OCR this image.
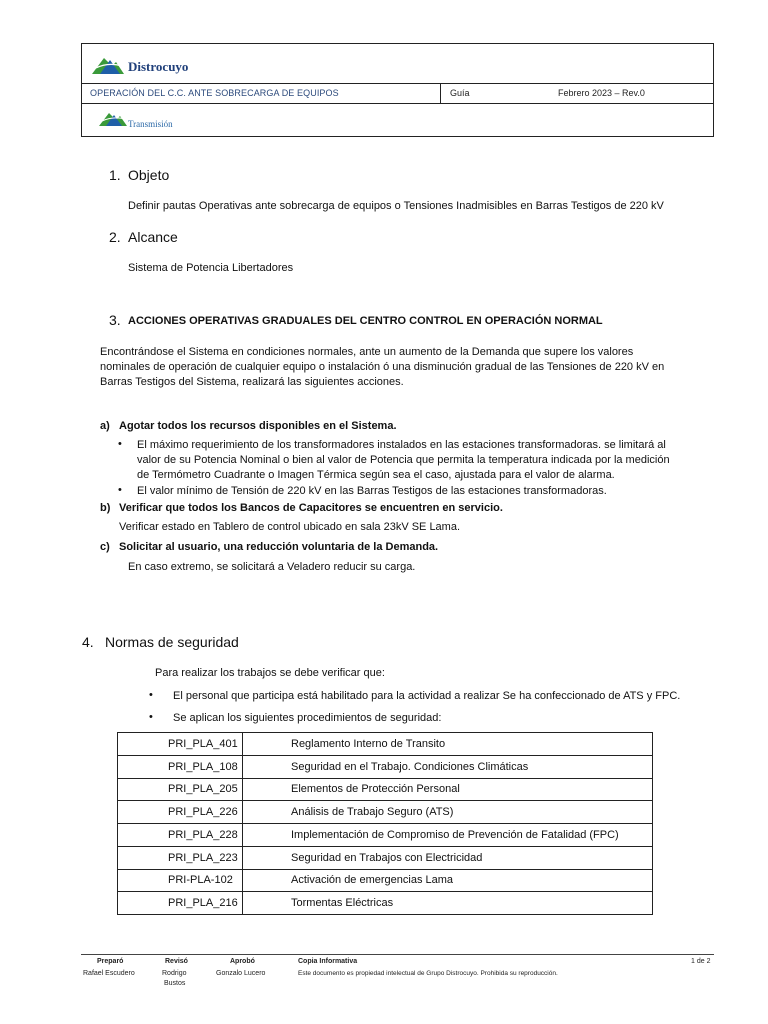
Distrocuyo
OPERACIÓN DEL C.C. ANTE SOBRECARGA DE EQUIPOS	Guía	Febrero 2023 – Rev.0
Transmisión
1. Objeto
Definir pautas Operativas ante sobrecarga de equipos o Tensiones Inadmisibles en Barras Testigos de 220 kV
2. Alcance
Sistema de Potencia Libertadores
3. ACCIONES OPERATIVAS GRADUALES DEL CENTRO CONTROL EN OPERACIÓN NORMAL
Encontrándose el Sistema en condiciones normales, ante un aumento de la Demanda que supere los valores
nominales de operación de cualquier equipo o instalación ó una disminución gradual de las Tensiones de 220 kV en
Barras Testigos del Sistema, realizará las siguientes acciones.
a) Agotar todos los recursos disponibles en el Sistema.
• El máximo requerimiento de los transformadores instalados en las estaciones transformadoras. se limitará al
valor de su Potencia Nominal o bien al valor de Potencia que permita la temperatura indicada por la medición
de Termómetro Cuadrante o Imagen Térmica según sea el caso, ajustada para el valor de alarma.
• El valor mínimo de Tensión de 220 kV en las Barras Testigos de las estaciones transformadoras.
b) Verificar que todos los Bancos de Capacitores se encuentren en servicio.
Verificar estado en Tablero de control ubicado en sala 23kV SE Lama.
c) Solicitar al usuario, una reducción voluntaria de la Demanda.
En caso extremo, se solicitará a Veladero reducir su carga.
4. Normas de seguridad
Para realizar los trabajos se debe verificar que:
• El personal que participa está habilitado para la actividad a realizar Se ha confeccionado de ATS y FPC.
• Se aplican los siguientes procedimientos de seguridad:
PRI_PLA_401	Reglamento Interno de Transito
PRI_PLA_108	Seguridad en el Trabajo. Condiciones Climáticas
PRI_PLA_205	Elementos de Protección Personal
PRI_PLA_226	Análisis de Trabajo Seguro (ATS)
PRI_PLA_228	Implementación de Compromiso de Prevención de Fatalidad (FPC)
PRI_PLA_223	Seguridad en Trabajos con Electricidad
PRI-PLA-102	Activación de emergencias Lama
PRI_PLA_216	Tormentas Eléctricas
Preparó
Rafael Escudero
Revisó
Rodrigo
Bustos
Aprobó
Gonzalo Lucero
Copia Informativa
Este documento es propiedad intelectual de Grupo Distrocuyo. Prohibida su reproducción.
1 de 2
